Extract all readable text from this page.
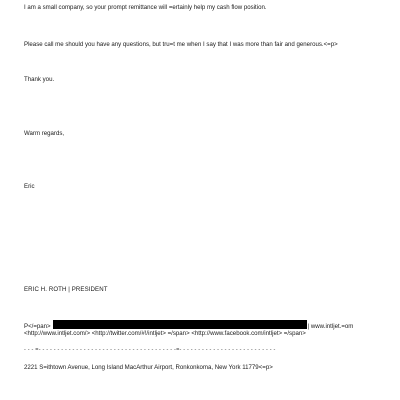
I am a small company, so your prompt remittance will =ertainly help my cash flow position.
Please call me should you have any questions, but tru=t me when I say that I was more than fair and generous.<=p>
Thank you.
Warm regards,
Eric
ERIC H. ROTH | PRESIDENT
P</=pan>	| www.intljet.=om
<http://www.intljet.com/> <http://twitter.com/#!/intljet> =/span> <http://www.facebook.com/intljet> =/span>
- - - =- - - - - - - - - - - - - - - - - - - - - - - - - - - - - - - - - - - - -=- - - - - - - - - - - - - - - - - - - - - - - - - -
2221 S=ithtown Avenue, Long Island MacArthur Airport, Ronkonkoma, New York 11779<=p>
